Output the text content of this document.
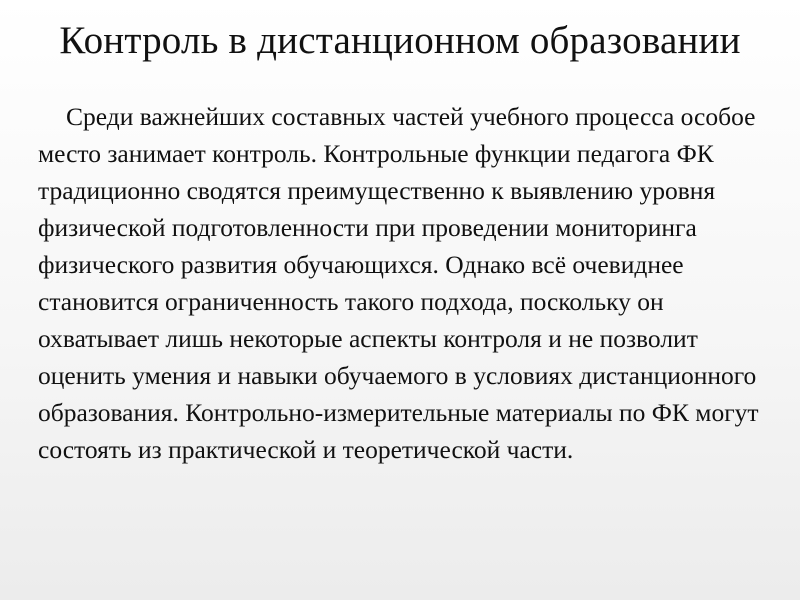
Контроль в дистанционном образовании

Среди важнейших составных частей учебного процесса особое место занимает контроль. Контрольные функции педагога ФК традиционно сводятся преимущественно к выявлению уровня физической подготовленности при проведении мониторинга физического развития обучающихся. Однако всё очевиднее становится ограниченность такого подхода, поскольку он охватывает лишь некоторые аспекты контроля и не позволит оценить умения и навыки обучаемого в условиях дистанционного образования. Контрольно-измерительные материалы по ФК могут состоять из практической и теоретической части.
